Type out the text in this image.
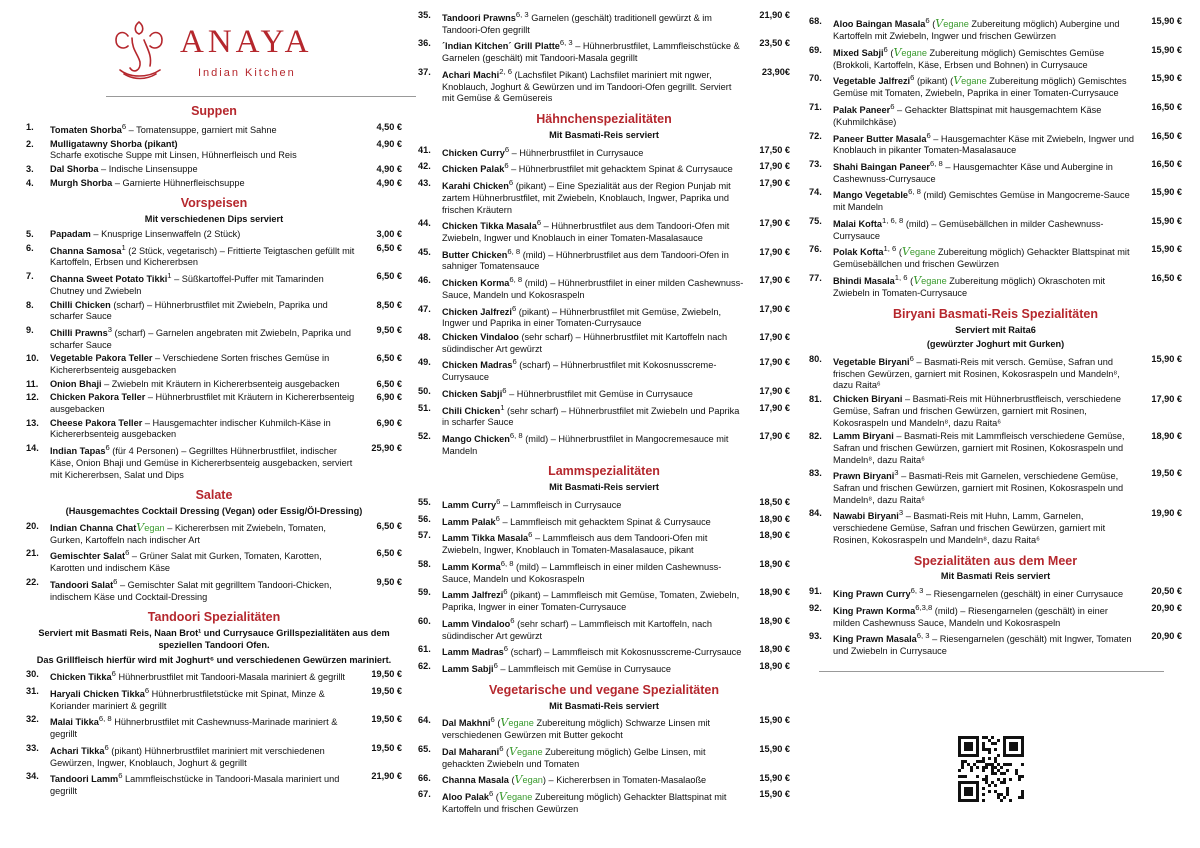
ANAYA
Indian Kitchen
Suppen
1.	Tomaten Shorba$^6$ – Tomatensuppe, garniert mit Sahne	4,50 €
2.	Mulligatawny Shorba (pikant)
Scharfe exotische Suppe mit Linsen, Hühnerfleisch und Reis
4,90 €
3.	Dal Shorba – Indische Linsensuppe	4,90 €
4.	Murgh Shorba – Garnierte Hühnerfleischsuppe	4,90 €
Vorspeisen
Mit verschiedenen Dips serviert
5.	Papadam – Knusprige Linsenwaffeln (2 Stück)	3,00 €
6.	Channa Samosa$^1$ (2 Stück, vegetarisch) – Frittierte Teigtaschen gefüllt mit Kartoffeln, Erbsen und Kichererbsen
6,50 €
7.	Channa Sweet Potato Tikki$^1$ – Süßkartoffel-Puffer mit Tamarinden Chutney und Zwiebeln
6,50 €
8.	Chilli Chicken (scharf) – Hühnerbrustfilet mit Zwiebeln, Paprika und scharfer Sauce
8,50 €
9.	Chilli Prawns$^3$ (scharf) – Garnelen angebraten mit Zwiebeln, Paprika und scharfer Sauce
9,50 €
10.	Vegetable Pakora Teller – Verschiedene Sorten frisches Gemüse in Kichererbsenteig ausgebacken
6,50 €
11.	Onion Bhaji – Zwiebeln mit Kräutern in Kichererbsenteig ausgebacken	6,50 €
12.	Chicken Pakora Teller – Hühnerbrustfilet mit Kräutern in Kichererbsenteig ausgebacken
6,90 €
13.	Cheese Pakora Teller – Hausgemachter indischer Kuhmilch-Käse in Kichererbsenteig ausgebacken
6,90 €
14.	Indian Tapas$^6$ (für 4 Personen) – Gegrilltes Hühnerbrustfilet, indischer Käse, Onion Bhaji und Gemüse in Kichererbsenteig ausgebacken, serviert mit Kichererbsen, Salat und Dips
25,90 €
Salate
(Hausgemachtes Cocktail Dressing (Vegan) oder Essig/Öl-Dressing)
20.	Indian Channa ChatVegan – Kichererbsen mit Zwiebeln, Tomaten, Gurken, Kartoffeln nach indischer Art
6,50 €
21.	Gemischter Salat$^6$ – Grüner Salat mit Gurken, Tomaten, Karotten, Karotten und indischem Käse
6,50 €
22.	Tandoori Salat$^6$ – Gemischter Salat mit gegrilltem Tandoori-Chicken, indischem Käse und Cocktail-Dressing
9,50 €
Tandoori Spezialitäten
Serviert mit Basmati Reis, Naan Brot¹ und Currysauce Grillspezialitäten aus dem speziellen Tandoori Ofen.
Das Grillfleisch hierfür wird mit Joghurt⁶ und verschiedenen Gewürzen mariniert.
30.	Chicken Tikka$^6$ Hühnerbrustfilet mit Tandoori-Masala mariniert & gegrillt	19,50 €
31.	Haryali Chicken Tikka$^6$ Hühnerbrustfiletstücke mit Spinat, Minze & Koriander mariniert & gegrillt
19,50 €
32.	Malai Tikka$^{6, 8}$ Hühnerbrustfilet mit Cashewnuss-Marinade mariniert & gegrillt
19,50 €
33.	Achari Tikka$^6$ (pikant) Hühnerbrustfilet mariniert mit verschiedenen Gewürzen, Ingwer, Knoblauch, Joghurt & gegrillt
19,50 €
34.	Tandoori Lamm$^6$ Lammfleischstücke in Tandoori-Masala mariniert und gegrillt
21,90 €
35.	Tandoori Prawns$^{6, 3}$ Garnelen (geschält) traditionell gewürzt & im Tandoori-Ofen gegrillt
21,90 €
36.	´Indian Kitchen´ Grill Platte$^{6, 3}$ – Hühnerbrustfilet, Lammfleischstücke & Garnelen (geschält) mit Tandoori-Masala gegrillt
23,50 €
37.	Achari Machi$^{2, 6}$ (Lachsfilet Pikant) Lachsfilet mariniert mit ngwer, Knoblauch, Joghurt & Gewürzen und im Tandoori-Ofen gegrillt. Serviert mit Gemüse & Gemüsereis
23,90€
Hähnchenspezialitäten
Mit Basmati-Reis serviert
41.	Chicken Curry$^6$ – Hühnerbrustfilet in Currysauce	17,50 €
42.	Chicken Palak$^6$ – Hühnerbrustfilet mit gehacktem Spinat & Currysauce	17,90 €
43.	Karahi Chicken$^6$ (pikant) – Eine Spezialität aus der Region Punjab mit zartem Hühnerbrustfilet, mit Zwiebeln, Knoblauch, Ingwer, Paprika und frischen Kräutern
17,90 €
44.	Chicken Tikka Masala$^6$ – Hühnerbrustfilet aus dem Tandoori-Ofen mit Zwiebeln, Ingwer und Knoblauch in einer Tomaten-Masalasauce
17,90 €
45.	Butter Chicken$^{6, 8}$ (mild) – Hühnerbrustfilet aus dem Tandoori-Ofen in sahniger Tomatensauce
17,90 €
46.	Chicken Korma$^{6, 8}$ (mild) – Hühnerbrustfilet in einer milden Cashewnuss-Sauce, Mandeln und Kokosraspeln
17,90 €
47.	Chicken Jalfrezi$^6$ (pikant) – Hühnerbrustfilet mit Gemüse, Zwiebeln, Ingwer und Paprika in einer Tomaten-Currysauce
17,90 €
48.	Chicken Vindaloo (sehr scharf) – Hühnerbrustfilet mit Kartoffeln nach südindischer Art gewürzt
17,90 €
49.	Chicken Madras$^6$ (scharf) – Hühnerbrustfilet mit Kokosnusscreme-Currysauce
17,90 €
50.	Chicken Sabji$^6$ – Hühnerbrustfilet mit Gemüse in Currysauce	17,90 €
51.	Chili Chicken$^1$ (sehr scharf) – Hühnerbrustfilet mit Zwiebeln und Paprika in scharfer Sauce
17,90 €
52.	Mango Chicken$^{6, 8}$ (mild) – Hühnerbrustfilet in Mangocremesauce mit Mandeln
17,90 €
Lammspezialitäten
Mit Basmati-Reis serviert
55.	Lamm Curry$^6$ – Lammfleisch in Currysauce	18,50 €
56.	Lamm Palak$^6$ – Lammfleisch mit gehacktem Spinat & Currysauce	18,90 €
57.	Lamm Tikka Masala$^6$ – Lammfleisch aus dem Tandoori-Ofen mit Zwiebeln, Ingwer, Knoblauch in Tomaten-Masalasauce, pikant
18,90 €
58.	Lamm Korma$^{6, 8}$ (mild) – Lammfleisch in einer milden Cashewnuss-Sauce, Mandeln und Kokosraspeln
18,90 €
59.	Lamm Jalfrezi$^6$ (pikant) – Lammfleisch mit Gemüse, Tomaten, Zwiebeln, Paprika, Ingwer in einer Tomaten-Currysauce
18,90 €
60.	Lamm Vindaloo$^6$ (sehr scharf) – Lammfleisch mit Kartoffeln, nach südindischer Art gewürzt
18,90 €
61.	Lamm Madras$^6$ (scharf) – Lammfleisch mit Kokosnusscreme-Currysauce	18,90 €
62.	Lamm Sabji$^6$ – Lammfleisch mit Gemüse in Currysauce	18,90 €
Vegetarische und vegane Spezialitäten
Mit Basmati-Reis serviert
64.	Dal Makhni$^6$ (Vegane Zubereitung möglich) Schwarze Linsen mit verschiedenen Gewürzen mit Butter gekocht
15,90 €
65.	Dal Maharani$^6$ (Vegane Zubereitung möglich) Gelbe Linsen, mit gehackten Zwiebeln und Tomaten
15,90 €
66.	Channa Masala (Vegan) – Kichererbsen in Tomaten-Masalaoße	15,90 €
67.	Aloo Palak$^6$ (Vegane Zubereitung möglich) Gehackter Blattspinat mit Kartoffeln und frischen Gewürzen
15,90 €
68.	Aloo Baingan Masala$^6$ (Vegane Zubereitung möglich) Aubergine und Kartoffeln mit Zwiebeln, Ingwer und frischen Gewürzen
15,90 €
69.	Mixed Sabji$^6$ (Vegane Zubereitung möglich) Gemischtes Gemüse (Brokkoli, Kartoffeln, Käse, Erbsen und Bohnen) in Currysauce
15,90 €
70.	Vegetable Jalfrezi$^6$ (pikant) (Vegane Zubereitung möglich) Gemischtes Gemüse mit Tomaten, Zwiebeln, Paprika in einer Tomaten-Currysauce
15,90 €
71.	Palak Paneer$^6$ – Gehackter Blattspinat mit hausgemachtem Käse (Kuhmilchkäse)
16,50 €
72.	Paneer Butter Masala$^6$ – Hausgemachter Käse mit Zwiebeln, Ingwer und Knoblauch in pikanter Tomaten-Masalasauce
16,50 €
73.	Shahi Baingan Paneer$^{6, 8}$ – Hausgemachter Käse und Aubergine in Cashewnuss-Currysauce
16,50 €
74.	Mango Vegetable$^{6, 8}$ (mild) Gemischtes Gemüse in Mangocreme-Sauce mit Mandeln
15,90 €
75.	Malai Kofta$^{1, 6, 8}$ (mild) – Gemüsebällchen in milder Cashewnuss-Currysauce
15,90 €
76.	Polak Kofta$^{1, 6}$ (Vegane Zubereitung möglich) Gehackter Blattspinat mit Gemüsebällchen und frischen Gewürzen
15,90 €
77.	Bhindi Masala$^{1, 6}$ (Vegane Zubereitung möglich) Okraschoten mit Zwiebeln in Tomaten-Currysauce
16,50 €
Biryani Basmati-Reis Spezialitäten
Serviert mit Raita6
(gewürzter Joghurt mit Gurken)
80.	Vegetable Biryani$^6$ – Basmati-Reis mit versch. Gemüse, Safran und frischen Gewürzen, garniert mit Rosinen, Kokosraspeln und Mandeln⁸, dazu Raita⁶
15,90 €
81.	Chicken Biryani – Basmati-Reis mit Hühnerbrustfleisch, verschiedene Gemüse, Safran und frischen Gewürzen, garniert mit Rosinen, Kokosraspeln und Mandeln⁸, dazu Raita⁶
17,90 €
82.	Lamm Biryani – Basmati-Reis mit Lammfleisch verschiedene Gemüse, Safran und frischen Gewürzen, garniert mit Rosinen, Kokosraspeln und Mandeln⁸, dazu Raita⁶
18,90 €
83.	Prawn Biryani$^3$ – Basmati-Reis mit Garnelen, verschiedene Gemüse, Safran und frischen Gewürzen, garniert mit Rosinen, Kokosraspeln und Mandeln⁸, dazu Raita⁶
19,50 €
84.	Nawabi Biryani$^3$ – Basmati-Reis mit Huhn, Lamm, Garnelen, verschiedene Gemüse, Safran und frischen Gewürzen, garniert mit Rosinen, Kokosraspeln und Mandeln⁸, dazu Raita⁶
19,90 €
Spezialitäten aus dem Meer
Mit Basmati Reis serviert
91.	King Prawn Curry$^{6, 3}$ – Riesengarnelen (geschält) in einer Currysauce	20,50 €
92.	King Prawn Korma$^{6,3,8}$ (mild) – Riesengarnelen (geschält) in einer milden Cashewnuss Sauce, Mandeln und Kokosraspeln
20,90 €
93.	King Prawn Masala$^{6, 3}$ – Riesengarnelen (geschält) mit Ingwer, Tomaten und Zwiebeln in Currysauce
20,90 €
